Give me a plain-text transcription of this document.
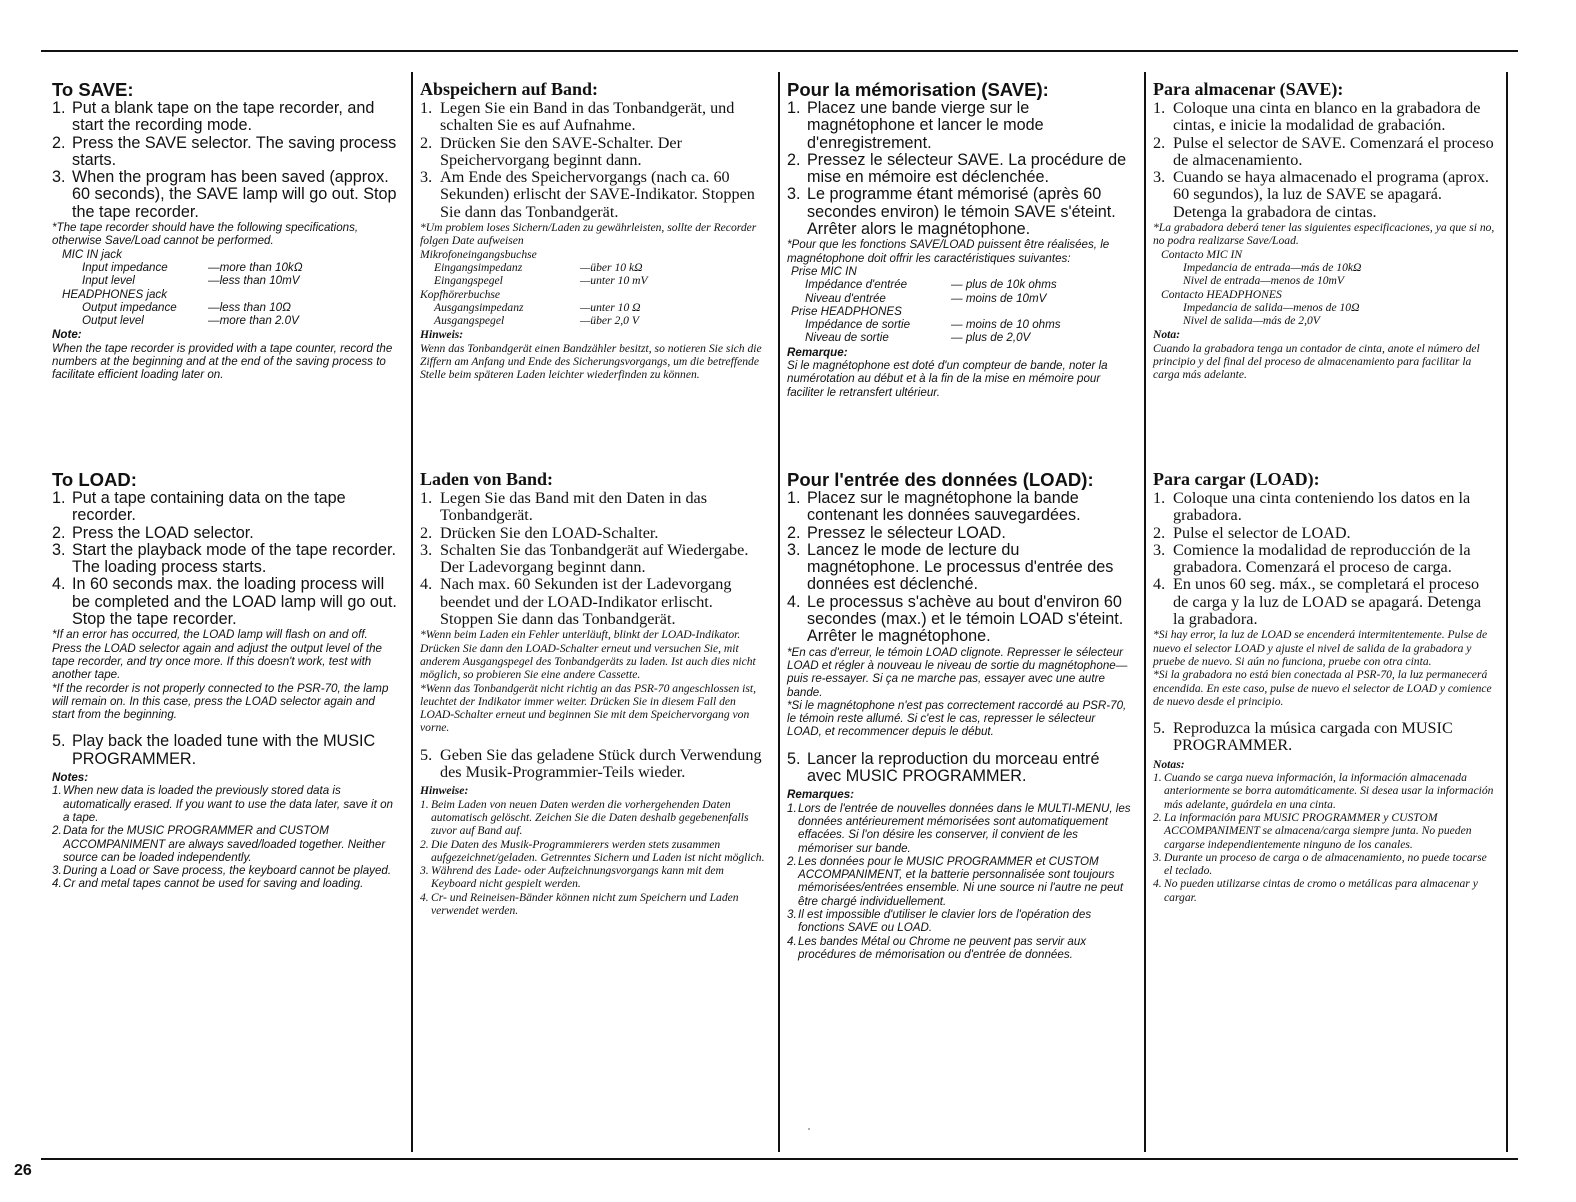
To SAVE:
1. Put a blank tape on the tape recorder, and start the recording mode.
2. Press the SAVE selector. The saving process starts.
3. When the program has been saved (approx. 60 seconds), the SAVE lamp will go out. Stop the tape recorder.
*The tape recorder should have the following specifications, otherwise Save/Load cannot be performed.
MIC IN jack
Input impedance	—more than 10kΩ
Input level	—less than 10mV
HEADPHONES jack
Output impedance	—less than 10Ω
Output level	—more than 2.0V
Note:
When the tape recorder is provided with a tape counter, record the numbers at the beginning and at the end of the saving process to facilitate efficient loading later on.
To LOAD:
1. Put a tape containing data on the tape recorder.
2. Press the LOAD selector.
3. Start the playback mode of the tape recorder. The loading process starts.
4. In 60 seconds max. the loading process will be completed and the LOAD lamp will go out. Stop the tape recorder.
*If an error has occurred, the LOAD lamp will flash on and off. Press the LOAD selector again and adjust the output level of the tape recorder, and try once more. If this doesn't work, test with another tape.
*If the recorder is not properly connected to the PSR-70, the lamp will remain on. In this case, press the LOAD selector again and start from the beginning.
5. Play back the loaded tune with the MUSIC PROGRAMMER.
Notes:
1. When new data is loaded the previously stored data is automatically erased. If you want to use the data later, save it on a tape.
2. Data for the MUSIC PROGRAMMER and CUSTOM ACCOMPANIMENT are always saved/loaded together. Neither source can be loaded independently.
3. During a Load or Save process, the keyboard cannot be played.
4. Cr and metal tapes cannot be used for saving and loading.
Abspeichern auf Band:
1. Legen Sie ein Band in das Tonbandgerät, und schalten Sie es auf Aufnahme.
2. Drücken Sie den SAVE-Schalter. Der Speichervorgang beginnt dann.
3. Am Ende des Speichervorgangs (nach ca. 60 Sekunden) erlischt der SAVE-Indikator. Stoppen Sie dann das Tonbandgerät.
*Um problem loses Sichern/Laden zu gewährleisten, sollte der Recorder folgen Date aufweisen
Mikrofoneingangsbuchse
Eingangsimpedanz	—über 10 kΩ
Eingangspegel	—unter 10 mV
Kopfhörerbuchse
Ausgangsimpedanz	—unter 10 Ω
Ausgangspegel	—über 2,0 V
Hinweis:
Wenn das Tonbandgerät einen Bandzähler besitzt, so notieren Sie sich die Ziffern am Anfang und Ende des Sicherungsvorgangs, um die betreffende Stelle beim späteren Laden leichter wiederfinden zu können.
Laden von Band:
1. Legen Sie das Band mit den Daten in das Tonbandgerät.
2. Drücken Sie den LOAD-Schalter.
3. Schalten Sie das Tonbandgerät auf Wiedergabe. Der Ladevorgang beginnt dann.
4. Nach max. 60 Sekunden ist der Ladevorgang beendet und der LOAD-Indikator erlischt. Stoppen Sie dann das Tonbandgerät.
*Wenn beim Laden ein Fehler unterläuft, blinkt der LOAD-Indikator. Drücken Sie dann den LOAD-Schalter erneut und versuchen Sie, mit anderem Ausgangspegel des Tonbandgeräts zu laden. Ist auch dies nicht möglich, so probieren Sie eine andere Cassette.
*Wenn das Tonbandgerät nicht richtig an das PSR-70 angeschlossen ist, leuchtet der Indikator immer weiter. Drücken Sie in diesem Fall den LOAD-Schalter erneut und beginnen Sie mit dem Speichervorgang von vorne.
5. Geben Sie das geladene Stück durch Verwendung des Musik-Programmier-Teils wieder.
Hinweise:
1. Beim Laden von neuen Daten werden die vorhergehenden Daten automatisch gelöscht. Zeichen Sie die Daten deshalb gegebenenfalls zuvor auf Band auf.
2. Die Daten des Musik-Programmierers werden stets zusammen aufgezeichnet/geladen. Getrenntes Sichern und Laden ist nicht möglich.
3. Während des Lade- oder Aufzeichnungsvorgangs kann mit dem Keyboard nicht gespielt werden.
4. Cr- und Reineisen-Bänder können nicht zum Speichern und Laden verwendet werden.
Pour la mémorisation (SAVE):
1. Placez une bande vierge sur le magnétophone et lancer le mode d'enregistrement.
2. Pressez le sélecteur SAVE. La procédure de mise en mémoire est déclenchée.
3. Le programme étant mémorisé (après 60 secondes environ) le témoin SAVE s'éteint. Arrêter alors le magnétophone.
*Pour que les fonctions SAVE/LOAD puissent être réalisées, le magnétophone doit offrir les caractéristiques suivantes:
Prise MIC IN
Impédance d'entrée	— plus de 10k ohms
Niveau d'entrée	— moins de 10mV
Prise HEADPHONES
Impédance de sortie	— moins de 10 ohms
Niveau de sortie	— plus de 2,0V
Remarque:
Si le magnétophone est doté d'un compteur de bande, noter la numérotation au début et à la fin de la mise en mémoire pour faciliter le retransfert ultérieur.
Pour l'entrée des données (LOAD):
1. Placez sur le magnétophone la bande contenant les données sauvegardées.
2. Pressez le sélecteur LOAD.
3. Lancez le mode de lecture du magnétophone. Le processus d'entrée des données est déclenché.
4. Le processus s'achève au bout d'environ 60 secondes (max.) et le témoin LOAD s'éteint. Arrêter le magnétophone.
*En cas d'erreur, le témoin LOAD clignote. Represser le sélecteur LOAD et régler à nouveau le niveau de sortie du magnétophone—puis re-essayer. Si ça ne marche pas, essayer avec une autre bande.
*Si le magnétophone n'est pas correctement raccordé au PSR-70, le témoin reste allumé. Si c'est le cas, represser le sélecteur LOAD, et recommencer depuis le début.
5. Lancer la reproduction du morceau entré avec MUSIC PROGRAMMER.
Remarques:
1. Lors de l'entrée de nouvelles données dans le MULTI-MENU, les données antérieurement mémorisées sont automatiquement effacées. Si l'on désire les conserver, il convient de les mémoriser sur bande.
2. Les données pour le MUSIC PROGRAMMER et CUSTOM ACCOMPANIMENT, et la batterie personnalisée sont toujours mémorisées/entrées ensemble. Ni une source ni l'autre ne peut être chargé individuellement.
3. Il est impossible d'utiliser le clavier lors de l'opération des fonctions SAVE ou LOAD.
4. Les bandes Métal ou Chrome ne peuvent pas servir aux procédures de mémorisation ou d'entrée de données.
Para almacenar (SAVE):
1. Coloque una cinta en blanco en la grabadora de cintas, e inicie la modalidad de grabación.
2. Pulse el selector de SAVE. Comenzará el proceso de almacenamiento.
3. Cuando se haya almacenado el programa (aprox. 60 segundos), la luz de SAVE se apagará. Detenga la grabadora de cintas.
*La grabadora deberá tener las siguientes especificaciones, ya que si no, no podra realizarse Save/Load.
Contacto MIC IN
Impedancia de entrada —más de 10kΩ
Nivel de entrada —menos de 10mV
Contacto HEADPHONES
Impedancia de salida —menos de 10Ω
Nivel de salida —más de 2,0V
Nota:
Cuando la grabadora tenga un contador de cinta, anote el número del principio y del final del proceso de almacenamiento para facilitar la carga más adelante.
Para cargar (LOAD):
1. Coloque una cinta conteniendo los datos en la grabadora.
2. Pulse el selector de LOAD.
3. Comience la modalidad de reproducción de la grabadora. Comenzará el proceso de carga.
4. En unos 60 seg. máx., se completará el proceso de carga y la luz de LOAD se apagará. Detenga la grabadora.
*Si hay error, la luz de LOAD se encenderá intermitentemente. Pulse de nuevo el selector LOAD y ajuste el nivel de salida de la grabadora y pruebe de nuevo. Si aún no funciona, pruebe con otra cinta.
*Si la grabadora no está bien conectada al PSR-70, la luz permanecerá encendida. En este caso, pulse de nuevo el selector de LOAD y comience de nuevo desde el principio.
5. Reproduzca la música cargada con MUSIC PROGRAMMER.
Notas:
1. Cuando se carga nueva información, la información almacenada anteriormente se borra automáticamente. Si desea usar la información más adelante, guárdela en una cinta.
2. La información para MUSIC PROGRAMMER y CUSTOM ACCOMPANIMENT se almacena/carga siempre junta. No pueden cargarse independientemente ninguno de los canales.
3. Durante un proceso de carga o de almacenamiento, no puede tocarse el teclado.
4. No pueden utilizarse cintas de cromo o metálicas para almacenar y cargar.
26
